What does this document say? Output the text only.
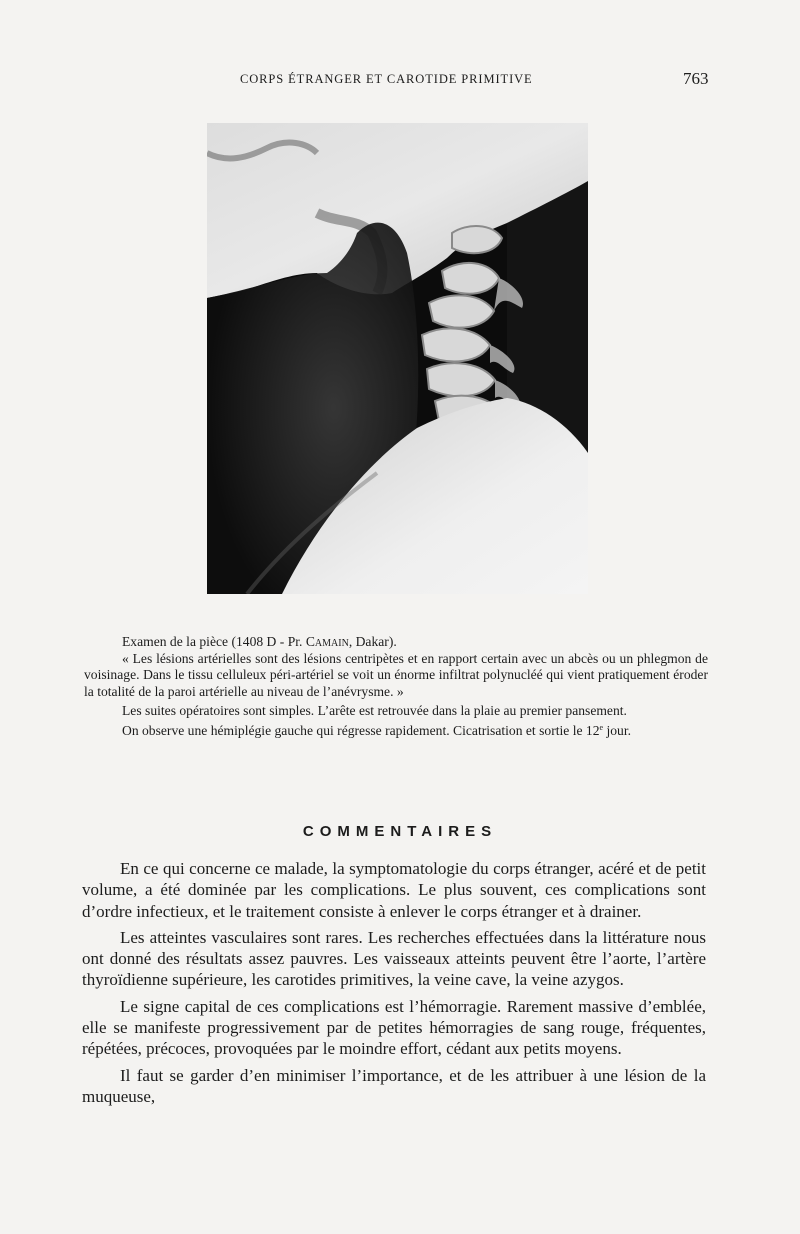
CORPS ÉTRANGER ET CAROTIDE PRIMITIVE	763

Examen de la pièce (1408 D - Pr. Camain, Dakar).

« Les lésions artérielles sont des lésions centripètes et en rapport certain avec un abcès ou un phlegmon de voisinage. Dans le tissu celluleux péri-artériel se voit un énorme infiltrat polynucléé qui vient pratiquement éroder la totalité de la paroi artérielle au niveau de l’anévrysme. »

Les suites opératoires sont simples. L’arête est retrouvée dans la plaie au premier pansement.

On observe une hémiplégie gauche qui régresse rapidement. Cicatrisation et sortie le 12e jour.

COMMENTAIRES

En ce qui concerne ce malade, la symptomatologie du corps étranger, acéré et de petit volume, a été dominée par les complications. Le plus souvent, ces complications sont d’ordre infectieux, et le traitement consiste à enlever le corps étranger et à drainer.

Les atteintes vasculaires sont rares. Les recherches effectuées dans la littérature nous ont donné des résultats assez pauvres. Les vaisseaux atteints peuvent être l’aorte, l’artère thyroïdienne supérieure, les carotides primitives, la veine cave, la veine azygos.

Le signe capital de ces complications est l’hémorragie. Rarement massive d’emblée, elle se manifeste progressivement par de petites hémorragies de sang rouge, fréquentes, répétées, précoces, provoquées par le moindre effort, cédant aux petits moyens.

Il faut se garder d’en minimiser l’importance, et de les attribuer à une lésion de la muqueuse,
